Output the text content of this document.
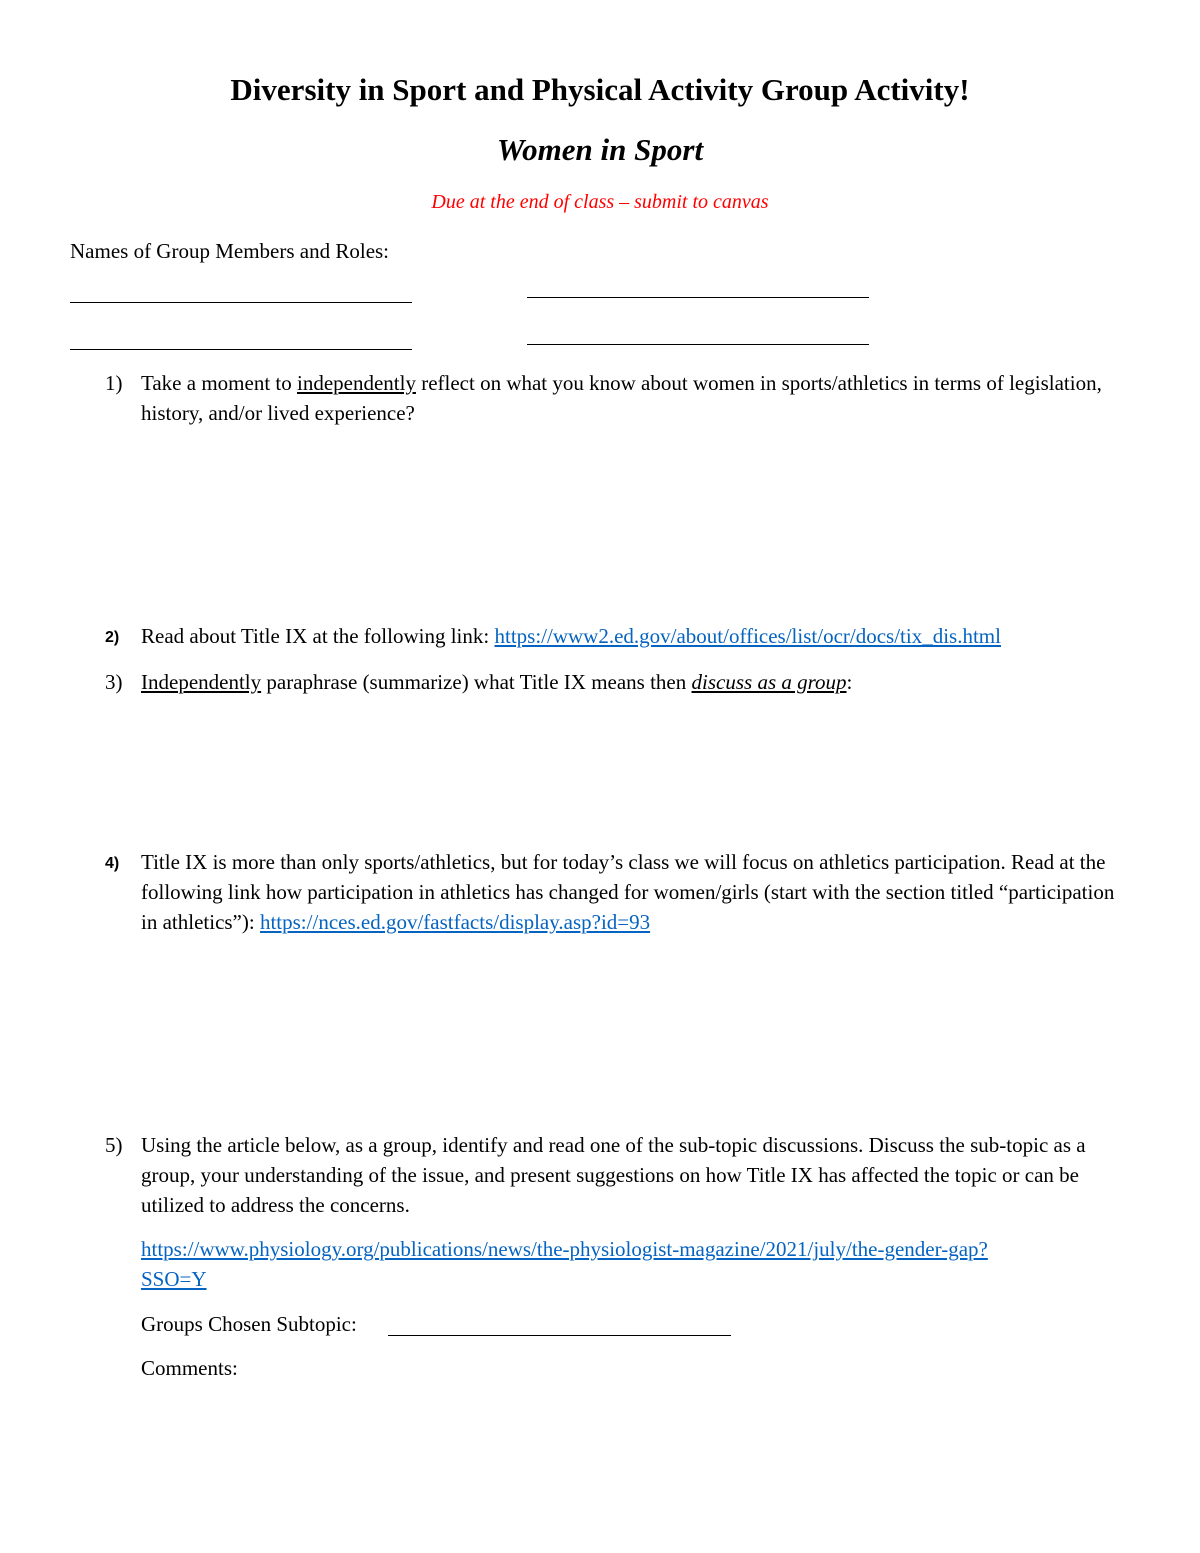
Diversity in Sport and Physical Activity Group Activity!
Women in Sport
Due at the end of class – submit to canvas
Names of Group Members and Roles:
1) Take a moment to independently reflect on what you know about women in sports/athletics in terms of legislation, history, and/or lived experience?
2) Read about Title IX at the following link: https://www2.ed.gov/about/offices/list/ocr/docs/tix_dis.html
3) Independently paraphrase (summarize) what Title IX means then discuss as a group:
4) Title IX is more than only sports/athletics, but for today’s class we will focus on athletics participation. Read at the following link how participation in athletics has changed for women/girls (start with the section titled “participation in athletics”): https://nces.ed.gov/fastfacts/display.asp?id=93
5) Using the article below, as a group, identify and read one of the sub-topic discussions. Discuss the sub-topic as a group, your understanding of the issue, and present suggestions on how Title IX has affected the topic or can be utilized to address the concerns.
https://www.physiology.org/publications/news/the-physiologist-magazine/2021/july/the-gender-gap?
SSO=Y
Groups Chosen Subtopic:
Comments:
